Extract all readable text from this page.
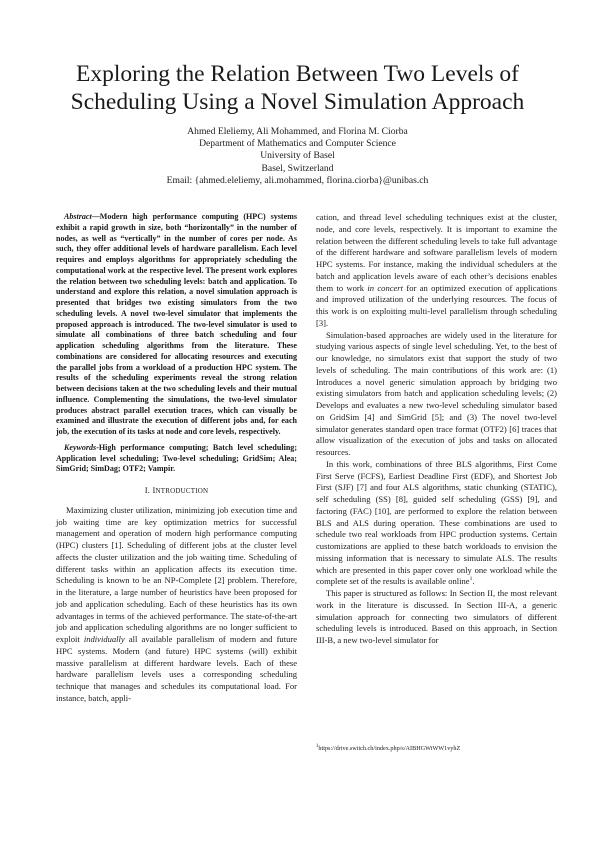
Exploring the Relation Between Two Levels of Scheduling Using a Novel Simulation Approach
Ahmed Eleliemy, Ali Mohammed, and Florina M. Ciorba
Department of Mathematics and Computer Science
University of Basel
Basel, Switzerland
Email: {ahmed.eleliemy, ali.mohammed, florina.ciorba}@unibas.ch

Abstract—Modern high performance computing (HPC) systems exhibit a rapid growth in size, both “horizontally” in the number of nodes, as well as “vertically” in the number of cores per node. As such, they offer additional levels of hardware parallelism. Each level requires and employs algorithms for appropriately scheduling the computational work at the respective level. The present work explores the relation between two scheduling levels: batch and application. To understand and explore this relation, a novel simulation approach is presented that bridges two existing simulators from the two scheduling levels. A novel two-level simulator that implements the proposed approach is introduced. The two-level simulator is used to simulate all combinations of three batch scheduling and four application scheduling algorithms from the literature. These combinations are considered for allocating resources and executing the parallel jobs from a workload of a production HPC system. The results of the scheduling experiments reveal the strong relation between decisions taken at the two scheduling levels and their mutual influence. Complementing the simulations, the two-level simulator produces abstract parallel execution traces, which can visually be examined and illustrate the execution of different jobs and, for each job, the execution of its tasks at node and core levels, respectively.

Keywords-High performance computing; Batch level scheduling; Application level scheduling; Two-level scheduling; GridSim; Alea; SimGrid; SimDag; OTF2; Vampir.

I. INTRODUCTION

Maximizing cluster utilization, minimizing job execution time and job waiting time are key optimization metrics for successful management and operation of modern high performance computing (HPC) clusters [1]. Scheduling of different jobs at the cluster level affects the cluster utilization and the job waiting time. Scheduling of different tasks within an application affects its execution time. Scheduling is known to be an NP-Complete [2] problem. Therefore, in the literature, a large number of heuristics have been proposed for job and application scheduling. Each of these heuristics has its own advantages in terms of the achieved performance. The state-of-the-art job and application scheduling algorithms are no longer sufficient to exploit individually all available parallelism of modern and future HPC systems. Modern (and future) HPC systems (will) exhibit massive parallelism at different hardware levels. Each of these hardware parallelism levels uses a corresponding scheduling technique that manages and schedules its computational load. For instance, batch, appli-

cation, and thread level scheduling techniques exist at the cluster, node, and core levels, respectively. It is important to examine the relation between the different scheduling levels to take full advantage of the different hardware and software parallelism levels of modern HPC systems. For instance, making the individual schedulers at the batch and application levels aware of each other’s decisions enables them to work in concert for an optimized execution of applications and improved utilization of the underlying resources. The focus of this work is on exploiting multi-level parallelism through scheduling [3].

Simulation-based approaches are widely used in the literature for studying various aspects of single level scheduling. Yet, to the best of our knowledge, no simulators exist that support the study of two levels of scheduling. The main contributions of this work are: (1) Introduces a novel generic simulation approach by bridging two existing simulators from batch and application scheduling levels; (2) Develops and evaluates a new two-level scheduling simulator based on GridSim [4] and SimGrid [5]; and (3) The novel two-level simulator generates standard open trace format (OTF2) [6] traces that allow visualization of the execution of jobs and tasks on allocated resources.

In this work, combinations of three BLS algorithms, First Come First Serve (FCFS), Earliest Deadline First (EDF), and Shortest Job First (SJF) [7] and four ALS algorithms, static chunking (STATIC), self scheduling (SS) [8], guided self scheduling (GSS) [9], and factoring (FAC) [10], are performed to explore the relation between BLS and ALS during operation. These combinations are used to schedule two real workloads from HPC production systems. Certain customizations are applied to these batch workloads to envision the missing information that is necessary to simulate ALS. The results which are presented in this paper cover only one workload while the complete set of the results is available online$^1$.

This paper is structured as follows: In Section II, the most relevant work in the literature is discussed. In Section III-A, a generic simulation approach for connecting two simulators of different scheduling levels is introduced. Based on this approach, in Section III-B, a new two-level simulator for

$^1$https://drive.switch.ch/index.php/s/AIBHGWiWW1vyhZ
